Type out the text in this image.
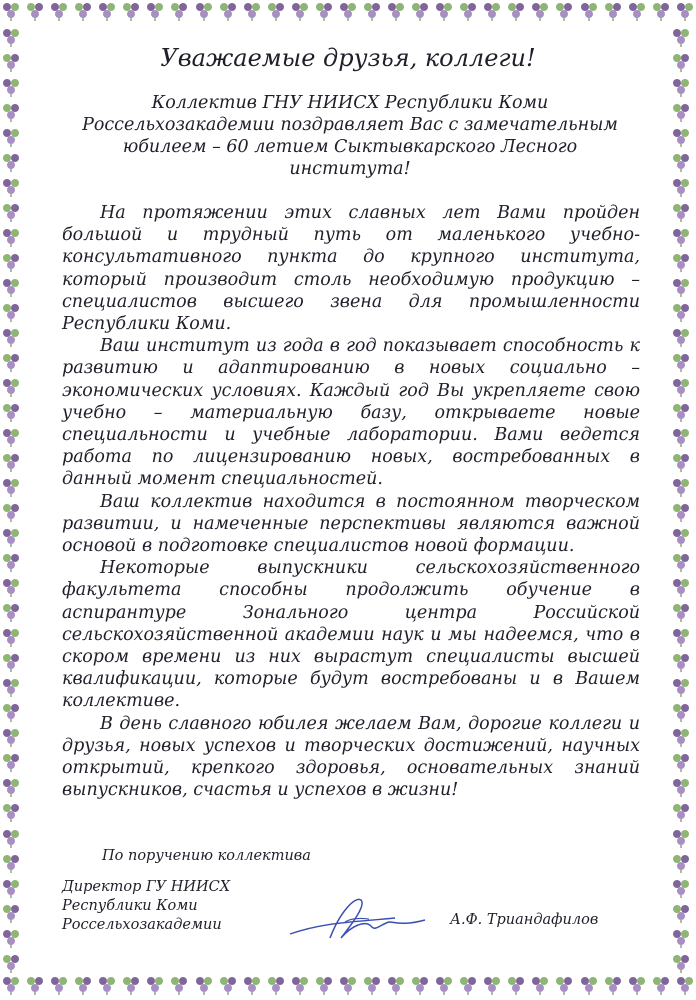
Уважаемые друзья, коллеги!
Коллектив ГНУ НИИСХ Республики Коми Россельхозакадемии поздравляет Вас с замечательным юбилеем – 60 летием Сыктывкарского Лесного института!

На протяжении этих славных лет Вами пройден большой и трудный путь от маленького учебно-консультативного пункта до крупного института, который производит столь необходимую продукцию – специалистов высшего звена для промышленности Республики Коми.

Ваш институт из года в год показывает способность к развитию и адаптированию в новых социально – экономических условиях. Каждый год Вы укрепляете свою учебно – материальную базу, открываете новые специальности и учебные лаборатории. Вами ведется работа по лицензированию новых, востребованных в данный момент специальностей.

Ваш коллектив находится в постоянном творческом развитии, и намеченные перспективы являются важной основой в подготовке специалистов новой формации.

Некоторые выпускники сельскохозяйственного факультета способны продолжить обучение в аспирантуре Зонального центра Российской сельскохозяйственной академии наук и мы надеемся, что в скором времени из них вырастут специалисты высшей квалификации, которые будут востребованы и в Вашем коллективе.

В день славного юбилея желаем Вам, дорогие коллеги и друзья, новых успехов и творческих достижений, научных открытий, крепкого здоровья, основательных знаний выпускников, счастья и успехов в жизни!

По поручению коллектива
Директор ГУ НИИСХ
Республики Коми
Россельхозакадемии	А.Ф. Триандафилов
